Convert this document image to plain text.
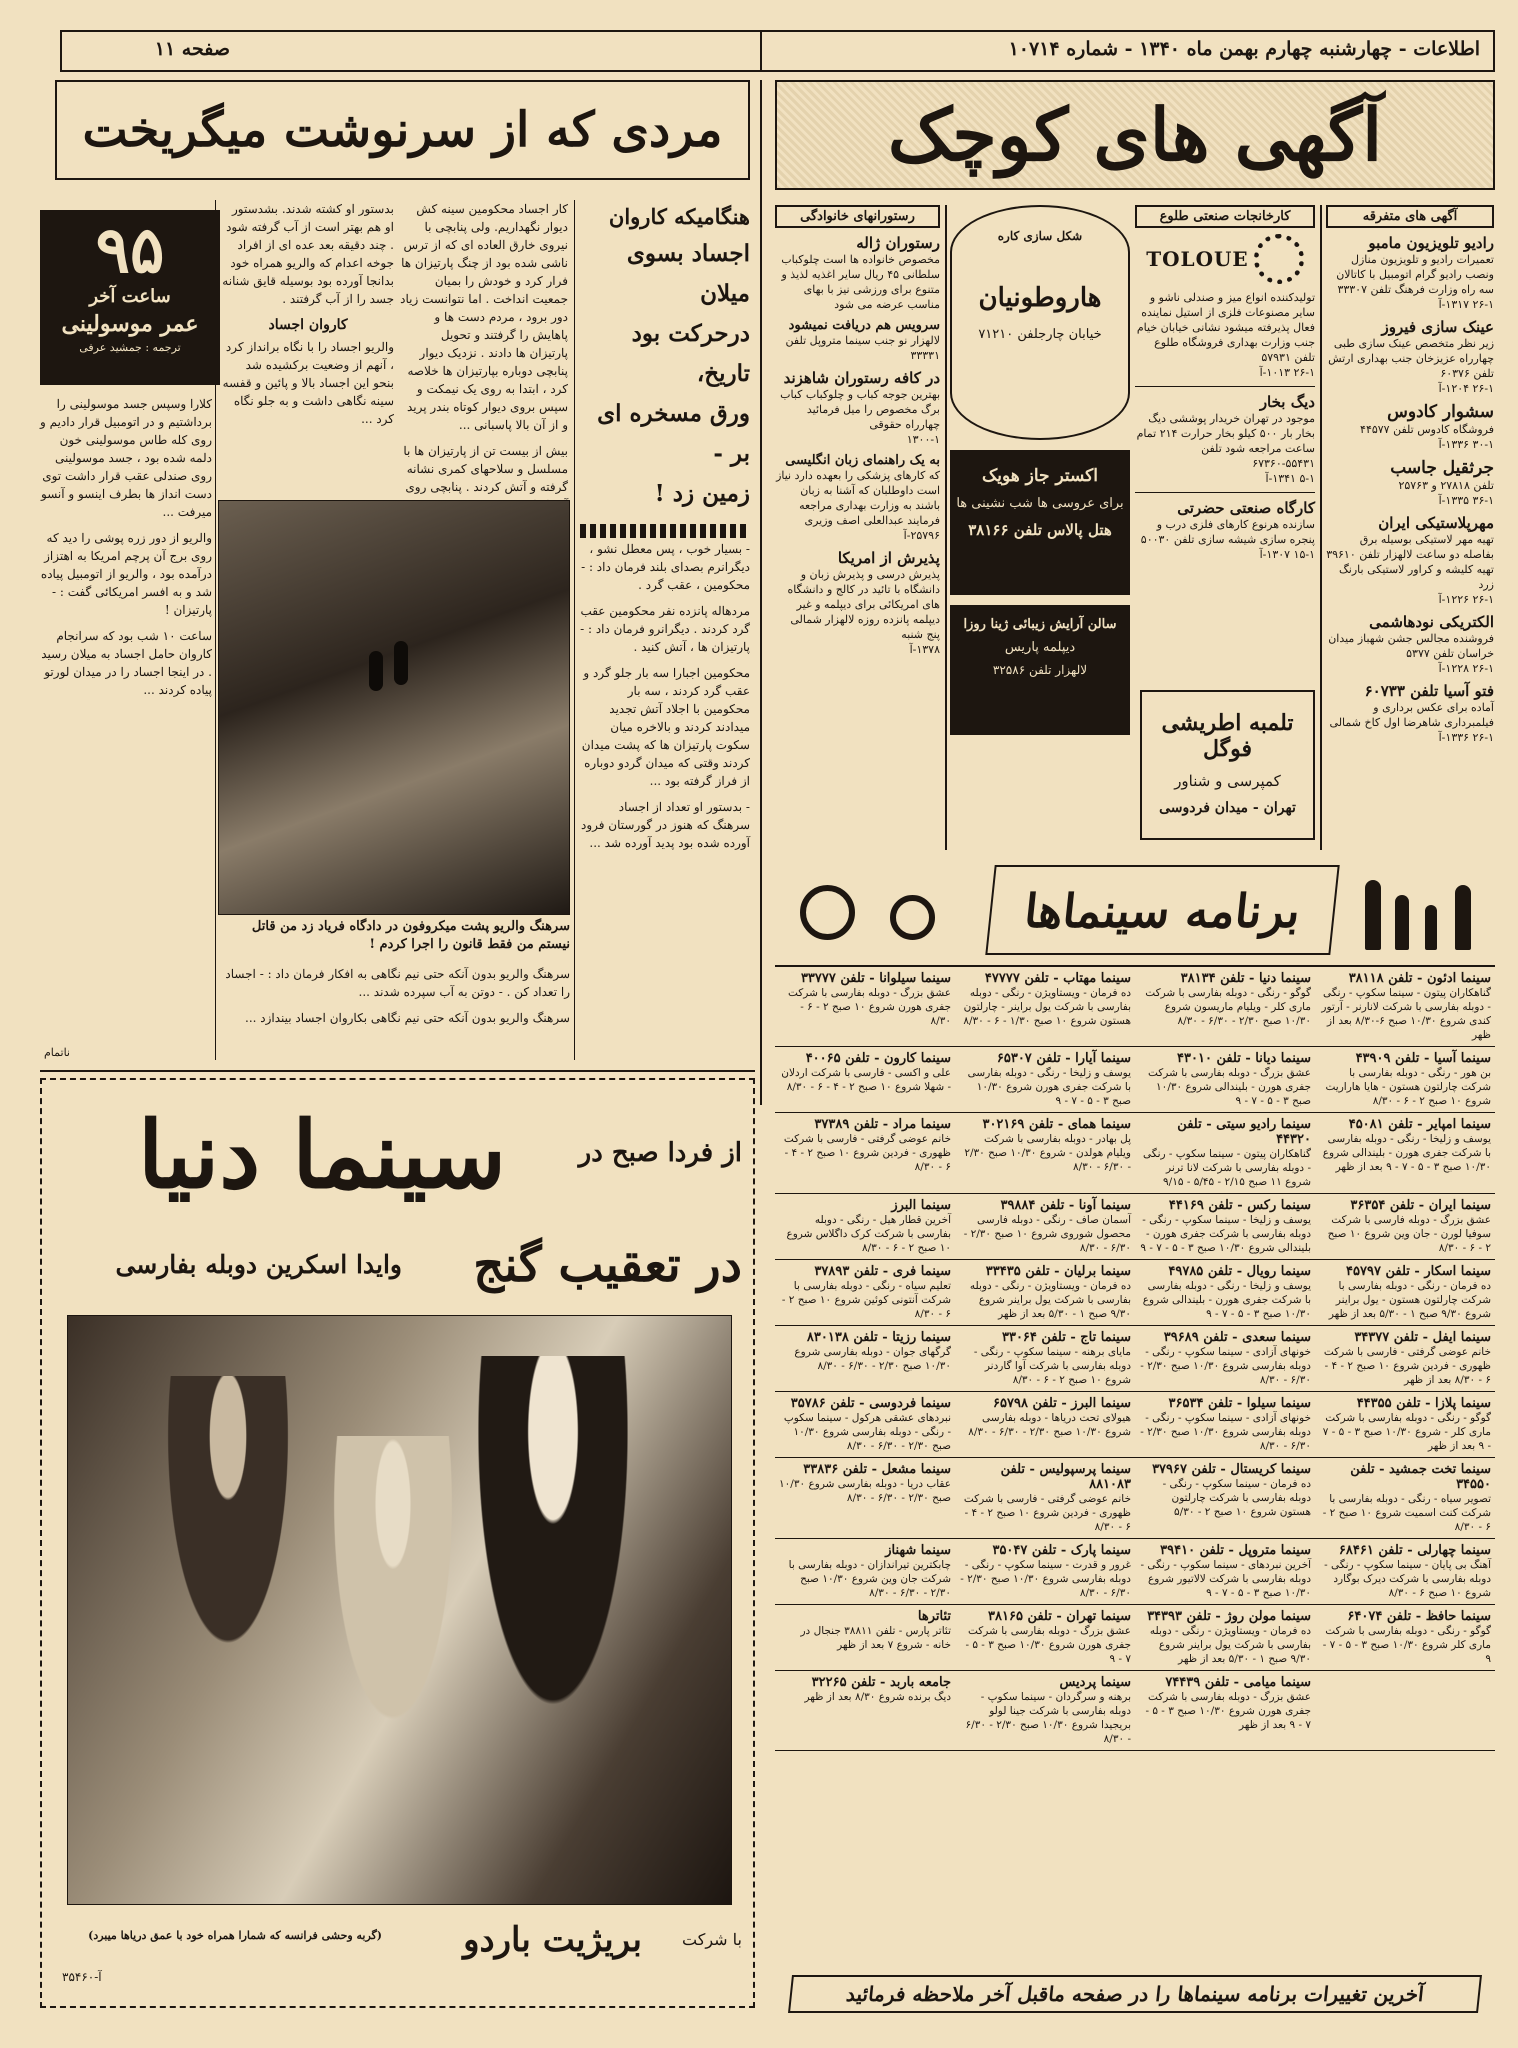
اطلاعات - چهارشنبه چهارم بهمن ماه ۱۳۴۰ - شماره ۱۰۷۱۴
صفحه ۱۱
آگهی های کوچک
آگهی های متفرقه
رادیو تلویزیون مامبو
تعمیرات رادیو و تلویزیون منازل ونصب رادیو گرام اتومبیل با کاتالان سه راه وزارت فرهنگ تلفن ۳۳۳۰۷
۲۶-۱ ۱۳۱۷-آ
عینک سازی فیروز
زیر نظر متخصص عینک سازی طبی چهارراه عزیزخان جنب بهداری ارتش تلفن ۶۰۳۷۶
۲۶-۱ ۱۲۰۴-آ
سشوار کادوس
فروشگاه کادوس تلفن ۴۴۵۷۷
۳۰-۱ ۱۳۳۶-آ
جرثقیل جاسب
تلفن ۲۷۸۱۸ و ۲۵۷۶۳
۳۶-۱ ۱۳۳۵-آ
مهرپلاستیکی ایران
تهیه مهر لاستیکی بوسیله برق بفاصله دو ساعت لالهزار تلفن ۳۹۶۱۰ تهیه کلیشه و کراور لاستیکی بارنگ زرد
۲۶-۱ ۱۲۲۶-آ
الکتریکی نودهاشمی
فروشنده مجالس جشن شهباز میدان خراسان تلفن ۵۳۷۷
۲۶-۱ ۱۲۲۸-آ
فتو آسیا تلفن ۶۰۷۳۳
آماده برای عکس برداری و فیلمبرداری شاهرضا اول کاخ شمالی
۲۶-۱ ۱۳۳۶-آ
کارخانجات صنعتی طلوع
TOLOUE
تولیدکننده انواع میز و صندلی ناشو و سایر مصنوعات فلزی از استیل نماینده فعال پذیرفته میشود نشانی خیابان خیام جنب وزارت بهداری فروشگاه طلوع تلفن ۵۷۹۳۱
۲۶-۱ ۱۰۱۳-آ
دیگ بخار
موجود در تهران خریدار پوششی دیگ بخار بار ۵۰۰ کیلو بخار حرارت ۲۱۴ تمام ساعت مراجعه شود تلفن ۵۵۴۳۱-۶۷۳۶۰
۵-۱ ۱۳۴۱-آ
کارگاه صنعتی حضرتی
سازنده هرنوع کارهای فلزی درب و پنجره سازی شیشه سازی تلفن ۵۰۰۳۰
۱۵-۱ ۱۳۰۷-آ
شکل سازی کاره
هاروطونیان
خیابان چارجلفن ۷۱۲۱۰
اکستر جاز هویک
برای عروسی ها شب نشینی ها
هتل پالاس تلفن ۳۸۱۶۶
سالن آرایش زیبائی ژینا روزا
دیپلمه پاریس
لالهزار تلفن ۳۲۵۸۶
تلمبه اطریشی فوگل
کمپرسی و شناور
تهران - میدان فردوسی
رستورانهای خانوادگی
رستوران ژاله
مخصوص خانواده ها است چلوکباب سلطانی ۴۵ ریال سایر اغذیه لذیذ و متنوع برای ورزشی نیز با بهای مناسب عرضه می شود
سرویس هم دریافت نمیشود
لالهزار نو جنب سینما متروپل تلفن ۳۳۳۳۱
در کافه رستوران شاهزند
بهترین جوجه کباب و چلوکباب کباب برگ مخصوص را میل فرمائید چهارراه حقوقی
۱۳۰۰-۱
به یک راهنمای زبان انگلیسی
که کارهای پزشکی را بعهده دارد نیاز است داوطلبان که آشنا به زبان باشند به وزارت بهداری مراجعه فرمایند عبدالعلی اصف وزیری
۲۵۷۹۶-آ
پذیرش از امریکا
پذیرش درسی و پذیرش زبان و دانشگاه با تائید در کالج و دانشگاه های امریکائی برای دیپلمه و غیر دیپلمه پانزده روزه لالهزار شمالی پنج شنبه
۱۳۷۸-آ
برنامه سینماها
سینما ادئون - تلفن ۳۸۱۱۸
گناهکاران پیتون - سینما سکوپ - رنگی - دوبله بفارسی با شرکت لانارنر - آرتور کندی شروع ۱۰/۳۰ صبح ۶-۸/۳۰ بعد از ظهر
سینما دنیا - تلفن ۳۸۱۳۴
گوگو - رنگی - دوبله بفارسی با شرکت ماری کلر - ویلیام ماریسون شروع ۱۰/۳۰ صبح ۲/۳۰ - ۶/۳۰ - ۸/۳۰
سینما مهتاب - تلفن ۴۷۷۷۷
ده فرمان - ویستاویژن - رنگی - دوبله بفارسی با شرکت یول براینر - چارلتون هستون شروع ۱۰ صبح ۱/۳۰ - ۶ - ۸/۳۰
سینما سیلوانا - تلفن ۳۳۷۷۷
عشق بزرگ - دوبله بفارسی با شرکت جفری هورن شروع ۱۰ صبح ۲ - ۶ - ۸/۳۰
سینما آسیا - تلفن ۴۳۹۰۹
بن هور - رنگی - دوبله بفارسی با شرکت چارلتون هستون - هایا هاراریت شروع ۱۰ صبح ۲ - ۶ - ۸/۳۰
سینما دیانا - تلفن ۴۳۰۱۰
عشق بزرگ - دوبله بفارسی با شرکت جفری هورن - بلیندالی شروع ۱۰/۳۰ صبح ۳ - ۵ - ۷ - ۹
سینما آیارا - تلفن ۶۵۳۰۷
یوسف و زلیخا - رنگی - دوبله بفارسی با شرکت جفری هورن شروع ۱۰/۳۰ صبح ۳ - ۵ - ۷ - ۹
سینما کارون - تلفن ۴۰۰۶۵
علی و اکسی - فارسی با شرکت اردلان - شهلا شروع ۱۰ صبح ۲ - ۴ - ۶ - ۸/۳۰
سینما امپایر - تلفن ۴۵۰۸۱
یوسف و زلیخا - رنگی - دوبله بفارسی با شرکت جفری هورن - بلیندالی شروع ۱۰/۳۰ صبح ۳ - ۵ - ۷ - ۹ بعد از ظهر
سینما رادیو سیتی - تلفن ۴۴۳۲۰
گناهکاران پیتون - سینما سکوپ - رنگی - دوبله بفارسی با شرکت لانا ترنر شروع ۱۱ صبح ۲/۱۵ - ۵/۴۵ - ۹/۱۵
سینما همای - تلفن ۳۰۲۱۶۹
پل بهادر - دوبله بفارسی با شرکت ویلیام هولدن - شروع ۱۰/۳۰ صبح ۲/۳۰ - ۶/۳۰ - ۸/۳۰
سینما مراد - تلفن ۳۷۳۸۹
خانم عوضی گرفتی - فارسی با شرکت ظهوری - فردین شروع ۱۰ صبح ۲ - ۴ - ۶ - ۸/۳۰
سینما ایران - تلفن ۳۶۳۵۴
عشق بزرگ - دوبله فارسی با شرکت سوفیا لورن - جان وین شروع ۱۰ صبح ۲ - ۶ - ۸/۳۰
سینما رکس - تلفن ۴۴۱۶۹
یوسف و زلیخا - سینما سکوپ - رنگی - دوبله بفارسی با شرکت جفری هورن - بلیندالی شروع ۱۰/۳۰ صبح ۳ - ۵ - ۷ - ۹
سینما آونا - تلفن ۳۹۸۸۴
آسمان صاف - رنگی - دوبله فارسی محصول شوروی شروع ۱۰ صبح ۲/۳۰ - ۶/۳۰ - ۸/۳۰
سینما البرز
آخرین قطار هیل - رنگی - دوبله بفارسی با شرکت کرک داگلاس شروع ۱۰ صبح ۲ - ۶ - ۸/۳۰
سینما اسکار - تلفن ۴۵۷۹۷
ده فرمان - رنگی - دوبله بفارسی با شرکت چارلتون هستون - یول براینر شروع ۹/۳۰ صبح ۱ - ۵/۳۰ بعد از ظهر
سینما رویال - تلفن ۴۹۷۸۵
یوسف و زلیخا - رنگی - دوبله بفارسی با شرکت جفری هورن - بلیندالی شروع ۱۰/۳۰ صبح ۳ - ۵ - ۷ - ۹
سینما برلیان - تلفن ۳۳۴۳۵
ده فرمان - ویستاویژن - رنگی - دوبله بفارسی با شرکت یول براینر شروع ۹/۳۰ صبح ۱ - ۵/۳۰ بعد از ظهر
سینما فری - تلفن ۳۷۸۹۳
تعلیم سیاه - رنگی - دوبله بفارسی با شرکت آنتونی کوئین شروع ۱۰ صبح ۲ - ۶ - ۸/۳۰
سینما ایفل - تلفن ۳۴۳۷۷
خانم عوضی گرفتی - فارسی با شرکت ظهوری - فردین شروع ۱۰ صبح ۲ - ۴ - ۶ - ۸/۳۰ بعد از ظهر
سینما سعدی - تلفن ۳۹۶۸۹
خونهای آزادی - سینما سکوپ - رنگی - دوبله بفارسی شروع ۱۰/۳۰ صبح ۲/۳۰ - ۶/۳۰ - ۸/۳۰
سینما تاج - تلفن ۳۳۰۶۴
مایای برهنه - سینما سکوپ - رنگی - دوبله بفارسی با شرکت آوا گاردنر شروع ۱۰ صبح ۲ - ۶ - ۸/۳۰
سینما رزیتا - تلفن ۸۳۰۱۳۸
گرگهای جوان - دوبله بفارسی شروع ۱۰/۳۰ صبح ۲/۳۰ - ۶/۳۰ - ۸/۳۰
سینما پلازا - تلفن ۴۴۳۵۵
گوگو - رنگی - دوبله بفارسی با شرکت ماری کلر - شروع ۱۰/۳۰ صبح ۳ - ۵ - ۷ - ۹ بعد از ظهر
سینما سیلوا - تلفن ۳۶۵۳۴
خونهای آزادی - سینما سکوپ - رنگی - دوبله بفارسی شروع ۱۰/۳۰ صبح ۲/۳۰ - ۶/۳۰ - ۸/۳۰
سینما البرز - تلفن ۶۵۷۹۸
هیولای تحت دریاها - دوبله بفارسی شروع ۱۰/۳۰ صبح ۲/۳۰ - ۶/۳۰ - ۸/۳۰
سینما فردوسی - تلفن ۳۵۷۸۶
نبردهای عشقی هرکول - سینما سکوپ - رنگی - دوبله بفارسی شروع ۱۰/۳۰ صبح ۲/۳۰ - ۶/۳۰ - ۸/۳۰
سینما تخت جمشید - تلفن ۳۴۵۵۰
تصویر سیاه - رنگی - دوبله بفارسی با شرکت کنت اسمیت شروع ۱۰ صبح ۲ - ۶ - ۸/۳۰
سینما کریستال - تلفن ۳۷۹۶۷
ده فرمان - سینما سکوپ - رنگی - دوبله بفارسی با شرکت چارلتون هستون شروع ۱۰ صبح ۲ - ۵/۳۰
سینما پرسپولیس - تلفن ۸۸۱۰۸۳
خانم عوضی گرفتی - فارسی با شرکت ظهوری - فردین شروع ۱۰ صبح ۲ - ۴ - ۶ - ۸/۳۰
سینما مشعل - تلفن ۳۳۸۳۶
عقاب دریا - دوبله بفارسی شروع ۱۰/۳۰ صبح ۲/۳۰ - ۶/۳۰ - ۸/۳۰
سینما چهارلی - تلفن ۶۸۴۶۱
آهنگ بی پایان - سینما سکوپ - رنگی - دوبله بفارسی با شرکت دیرک بوگارد شروع ۱۰ صبح ۶ - ۸/۳۰
سینما متروپل - تلفن ۳۹۴۱۰
آخرین نبردهای - سینما سکوپ - رنگی - دوبله بفارسی با شرکت لالاتیور شروع ۱۰/۳۰ صبح ۳ - ۵ - ۷ - ۹
سینما پارک - تلفن ۳۵۰۴۷
غرور و قدرت - سینما سکوپ - رنگی - دوبله بفارسی شروع ۱۰/۳۰ صبح ۲/۳۰ - ۶/۳۰ - ۸/۳۰
سینما شهناز
چابکترین تیراندازان - دوبله بفارسی با شرکت جان وین شروع ۱۰/۳۰ صبح ۲/۳۰ - ۶/۳۰ - ۸/۳۰
سینما حافظ - تلفن ۶۴۰۷۴
گوگو - رنگی - دوبله بفارسی با شرکت ماری کلر شروع ۱۰/۳۰ صبح ۳ - ۵ - ۷ - ۹
سینما مولن روژ - تلفن ۳۴۳۹۳
ده فرمان - ویستاویژن - رنگی - دوبله بفارسی با شرکت یول براینر شروع ۹/۳۰ صبح ۱ - ۵/۳۰ بعد از ظهر
سینما تهران - تلفن ۳۸۱۶۵
عشق بزرگ - دوبله بفارسی با شرکت جفری هورن شروع ۱۰/۳۰ صبح ۳ - ۵ - ۷ - ۹
تئاترها
تئاتر پارس - تلفن ۳۸۸۱۱ جنجال در خانه - شروع ۷ بعد از ظهر
سینما میامی - تلفن ۷۴۴۳۹
عشق بزرگ - دوبله بفارسی با شرکت جفری هورن شروع ۱۰/۳۰ صبح ۳ - ۵ - ۷ - ۹ بعد از ظهر
سینما پردیس
برهنه و سرگردان - سینما سکوپ - دوبله بفارسی با شرکت جینا لولو بریجیدا شروع ۱۰/۳۰ صبح ۲/۳۰ - ۶/۳۰ - ۸/۳۰
جامعه باربد - تلفن ۳۲۲۶۵
دیگ برنده شروع ۸/۳۰ بعد از ظهر
آخرین تغییرات برنامه سینماها را در صفحه ماقبل آخر ملاحظه فرمائید
مردی که از سرنوشت میگریخت
۹۵
ساعت آخر
عمر موسولینی
ترجمه : جمشید عرفی
هنگامیکه کاروان
اجساد بسوی میلان
درحرکت بود تاریخ،
ورق مسخره ای بر -
زمین زد !

- بسیار خوب ، پس معطل نشو ، دیگرانرم بصدای بلند فرمان داد : - محکومین ، عقب گرد .

مردهاله پانزده نفر محکومین عقب گرد کردند . دیگرانرو فرمان داد : - پارتیزان ها ، آتش کنید .

محکومین اجبارا سه بار جلو گرد و عقب گرد کردند ، سه بار محکومین با اجلاد آتش تجدید میدادند کردند و بالاخره میان سکوت پارتیزان ها که پشت میدان کردند وقتی که میدان گردو دوباره از فراز گرفته بود ...

- بدستور او تعداد از اجساد سرهنگ که هنوز در گورستان فرود آورده شده بود پدید آورده شد ...

کار اجساد محکومین سینه کش دیوار نگهداریم. ولی پنابچی با نیروی خارق العاده ای که از ترس ناشی شده بود از چنگ پارتیزان ها فرار کرد و خودش را بمیان جمعیت انداخت . اما نتوانست زیاد دور برود ، مردم دست ها و پاهایش را گرفتند و تحویل پارتیزان ها دادند . نزدیک دیوار پنابچی دوباره بپارتیزان ها خلاصه کرد ، ابتدا به روی یک نیمکت و سپس بروی دیوار کوتاه بندر پرید و از آن بالا پاسبانی ...

بیش از بیست تن از پارتیزان ها با مسلسل و سلاحهای کمری نشانه گرفته و آتش کردند . پنابچی روی

بدستور او کشته شدند. بشدستور او هم بهتر است از آب گرفته شود . چند دقیقه بعد عده ای از افراد جوخه اعدام که والریو همراه خود بدانجا آورده بود بوسیله قایق شنانه جسد را از آب گرفتند .

کاروان اجساد

والریو اجساد را با نگاه برانداز کرد ، آنهم از وضعیت برکشیده شد بنحو این اجساد بالا و پائین و قفسه سینه نگاهی داشت و به جلو نگاه کرد ...

سرهنگ والریو پشت میکروفون در دادگاه فریاد زد من قاتل نیستم من فقط قانون را اجرا کردم !

کلارا وسپس جسد موسولینی را برداشتیم و در اتومبیل قرار دادیم و روی کله طاس موسولینی خون دلمه شده بود ، جسد موسولینی روی صندلی عقب قرار داشت توی دست انداز ها بطرف اینسو و آنسو میرفت ...

والریو از دور زره پوشی را دید که روی برج آن پرچم امریکا به اهتزاز درآمده بود ، والریو از اتومبیل پیاده شد و به افسر امریکائی گفت : - پارتیزان !

ساعت ۱۰ شب بود که سرانجام کاروان حامل اجساد به میلان رسید . در اینجا اجساد را در میدان لورتو پیاده کردند ...

سرهنگ والریو بدون آنکه حتی نیم نگاهی به افکار فرمان داد : - اجساد را تعداد کن . - دوتن به آب سپرده شدند ...

سرهنگ والریو بدون آنکه حتی نیم نگاهی بکاروان اجساد بیندازد ...

ناتمام
از فردا صبح در
سینما دنیا
در تعقیب گنج
وایدا اسکرین دوبله بفارسی
با شرکت
بریژیت باردو
(گربه وحشی فرانسه که شمارا همراه خود با عمق دریاها میبرد)
۳۵۴۶۰-آ
